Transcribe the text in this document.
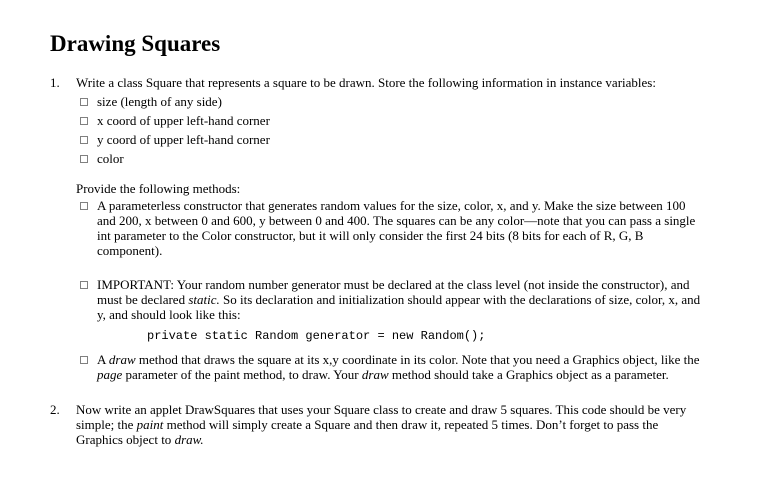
Drawing Squares
1. Write a class Square that represents a square to be drawn. Store the following information in instance variables:

size (length of any side)

x coord of upper left-hand corner

y coord of upper left-hand corner

color

Provide the following methods:

A parameterless constructor that generates random values for the size, color, x, and y. Make the size between 100

and 200, x between 0 and 600, y between 0 and 400. The squares can be any color—note that you can pass a single

int parameter to the Color constructor, but it will only consider the first 24 bits (8 bits for each of R, G, B

component).

IMPORTANT: Your random number generator must be declared at the class level (not inside the constructor), and

must be declared static. So its declaration and initialization should appear with the declarations of size, color, x, and

y, and should look like this:

private static Random generator = new Random();

A draw method that draws the square at its x,y coordinate in its color. Note that you need a Graphics object, like the

page parameter of the paint method, to draw. Your draw method should take a Graphics object as a parameter.

2. Now write an applet DrawSquares that uses your Square class to create and draw 5 squares. This code should be very

simple; the paint method will simply create a Square and then draw it, repeated 5 times. Don’t forget to pass the

Graphics object to draw.
